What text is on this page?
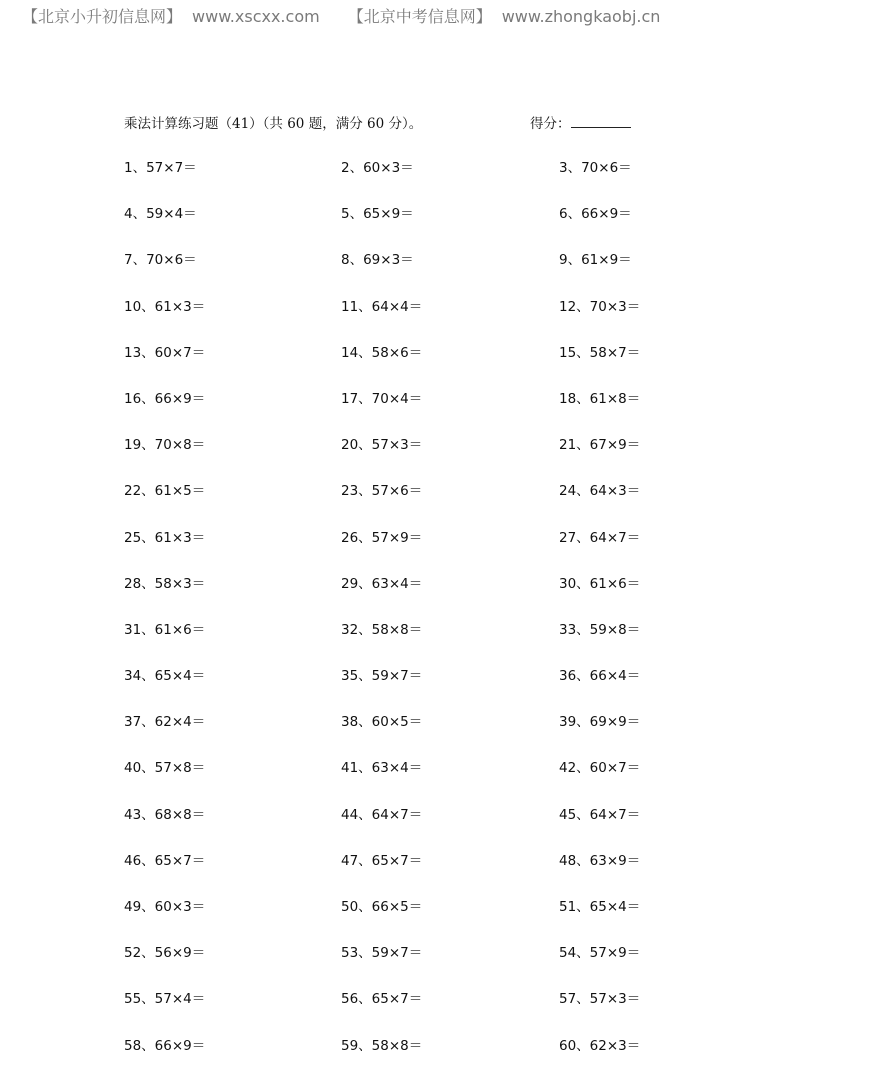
【北京小升初信息网】 www.xscxx.com 【北京中考信息网】 www.zhongkaobj.cn
乘法计算练习题（41）（共 60 题，满分 60 分）。	得分：
1、57×7＝	2、60×3＝	3、70×6＝
4、59×4＝	5、65×9＝	6、66×9＝
7、70×6＝	8、69×3＝	9、61×9＝
10、61×3＝	11、64×4＝	12、70×3＝
13、60×7＝	14、58×6＝	15、58×7＝
16、66×9＝	17、70×4＝	18、61×8＝
19、70×8＝	20、57×3＝	21、67×9＝
22、61×5＝	23、57×6＝	24、64×3＝
25、61×3＝	26、57×9＝	27、64×7＝
28、58×3＝	29、63×4＝	30、61×6＝
31、61×6＝	32、58×8＝	33、59×8＝
34、65×4＝	35、59×7＝	36、66×4＝
37、62×4＝	38、60×5＝	39、69×9＝
40、57×8＝	41、63×4＝	42、60×7＝
43、68×8＝	44、64×7＝	45、64×7＝
46、65×7＝	47、65×7＝	48、63×9＝
49、60×3＝	50、66×5＝	51、65×4＝
52、56×9＝	53、59×7＝	54、57×9＝
55、57×4＝	56、65×7＝	57、57×3＝
58、66×9＝	59、58×8＝	60、62×3＝
